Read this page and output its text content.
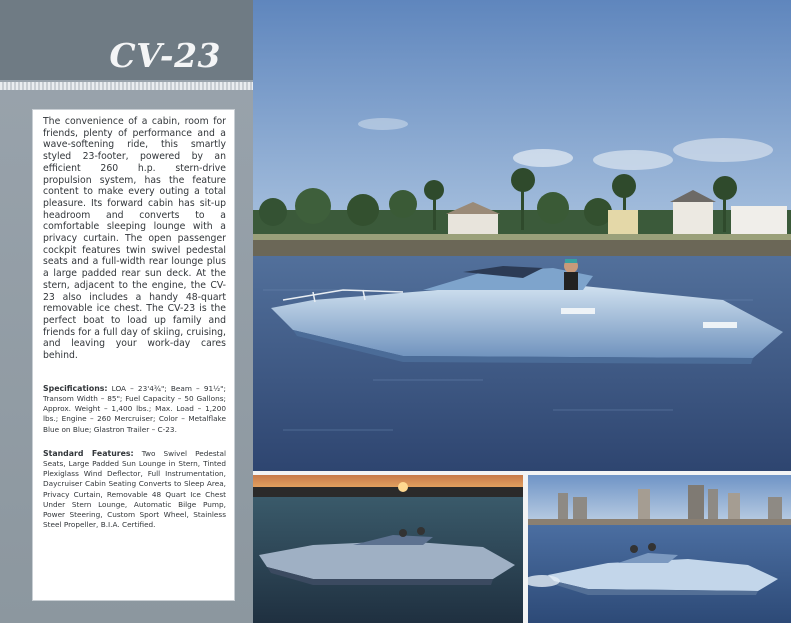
CV-23

The convenience of a cabin, room for friends, plenty of performance and a wave-softening ride, this smartly styled 23-footer, powered by an efficient 260 h.p. stern-drive propulsion system, has the feature content to make every outing a total pleasure. Its forward cabin has sit-up headroom and converts to a comfortable sleeping lounge with a privacy curtain. The open passenger cockpit features twin swivel pedestal seats and a full-width rear lounge plus a large padded rear sun deck. At the stern, adjacent to the engine, the CV-23 also includes a handy 48-quart removable ice chest. The CV-23 is the perfect boat to load up family and friends for a full day of skiing, cruising, and leaving your work-day cares behind.

Specifications: LOA – 23'4¾"; Beam – 91½"; Transom Width – 85"; Fuel Capacity – 50 Gallons; Approx. Weight – 1,400 lbs.; Max. Load – 1,200 lbs.; Engine – 260 Mercruiser; Color – Metalflake Blue on Blue; Glastron Trailer – C-23.

Standard Features: Two Swivel Pedestal Seats, Large Padded Sun Lounge in Stern, Tinted Plexiglass Wind Deflector, Full Instrumentation, Daycruiser Cabin Seating Converts to Sleep Area, Privacy Curtain, Removable 48 Quart Ice Chest Under Stern Lounge, Automatic Bilge Pump, Power Steering, Custom Sport Wheel, Stainless Steel Propeller, B.I.A. Certified.
